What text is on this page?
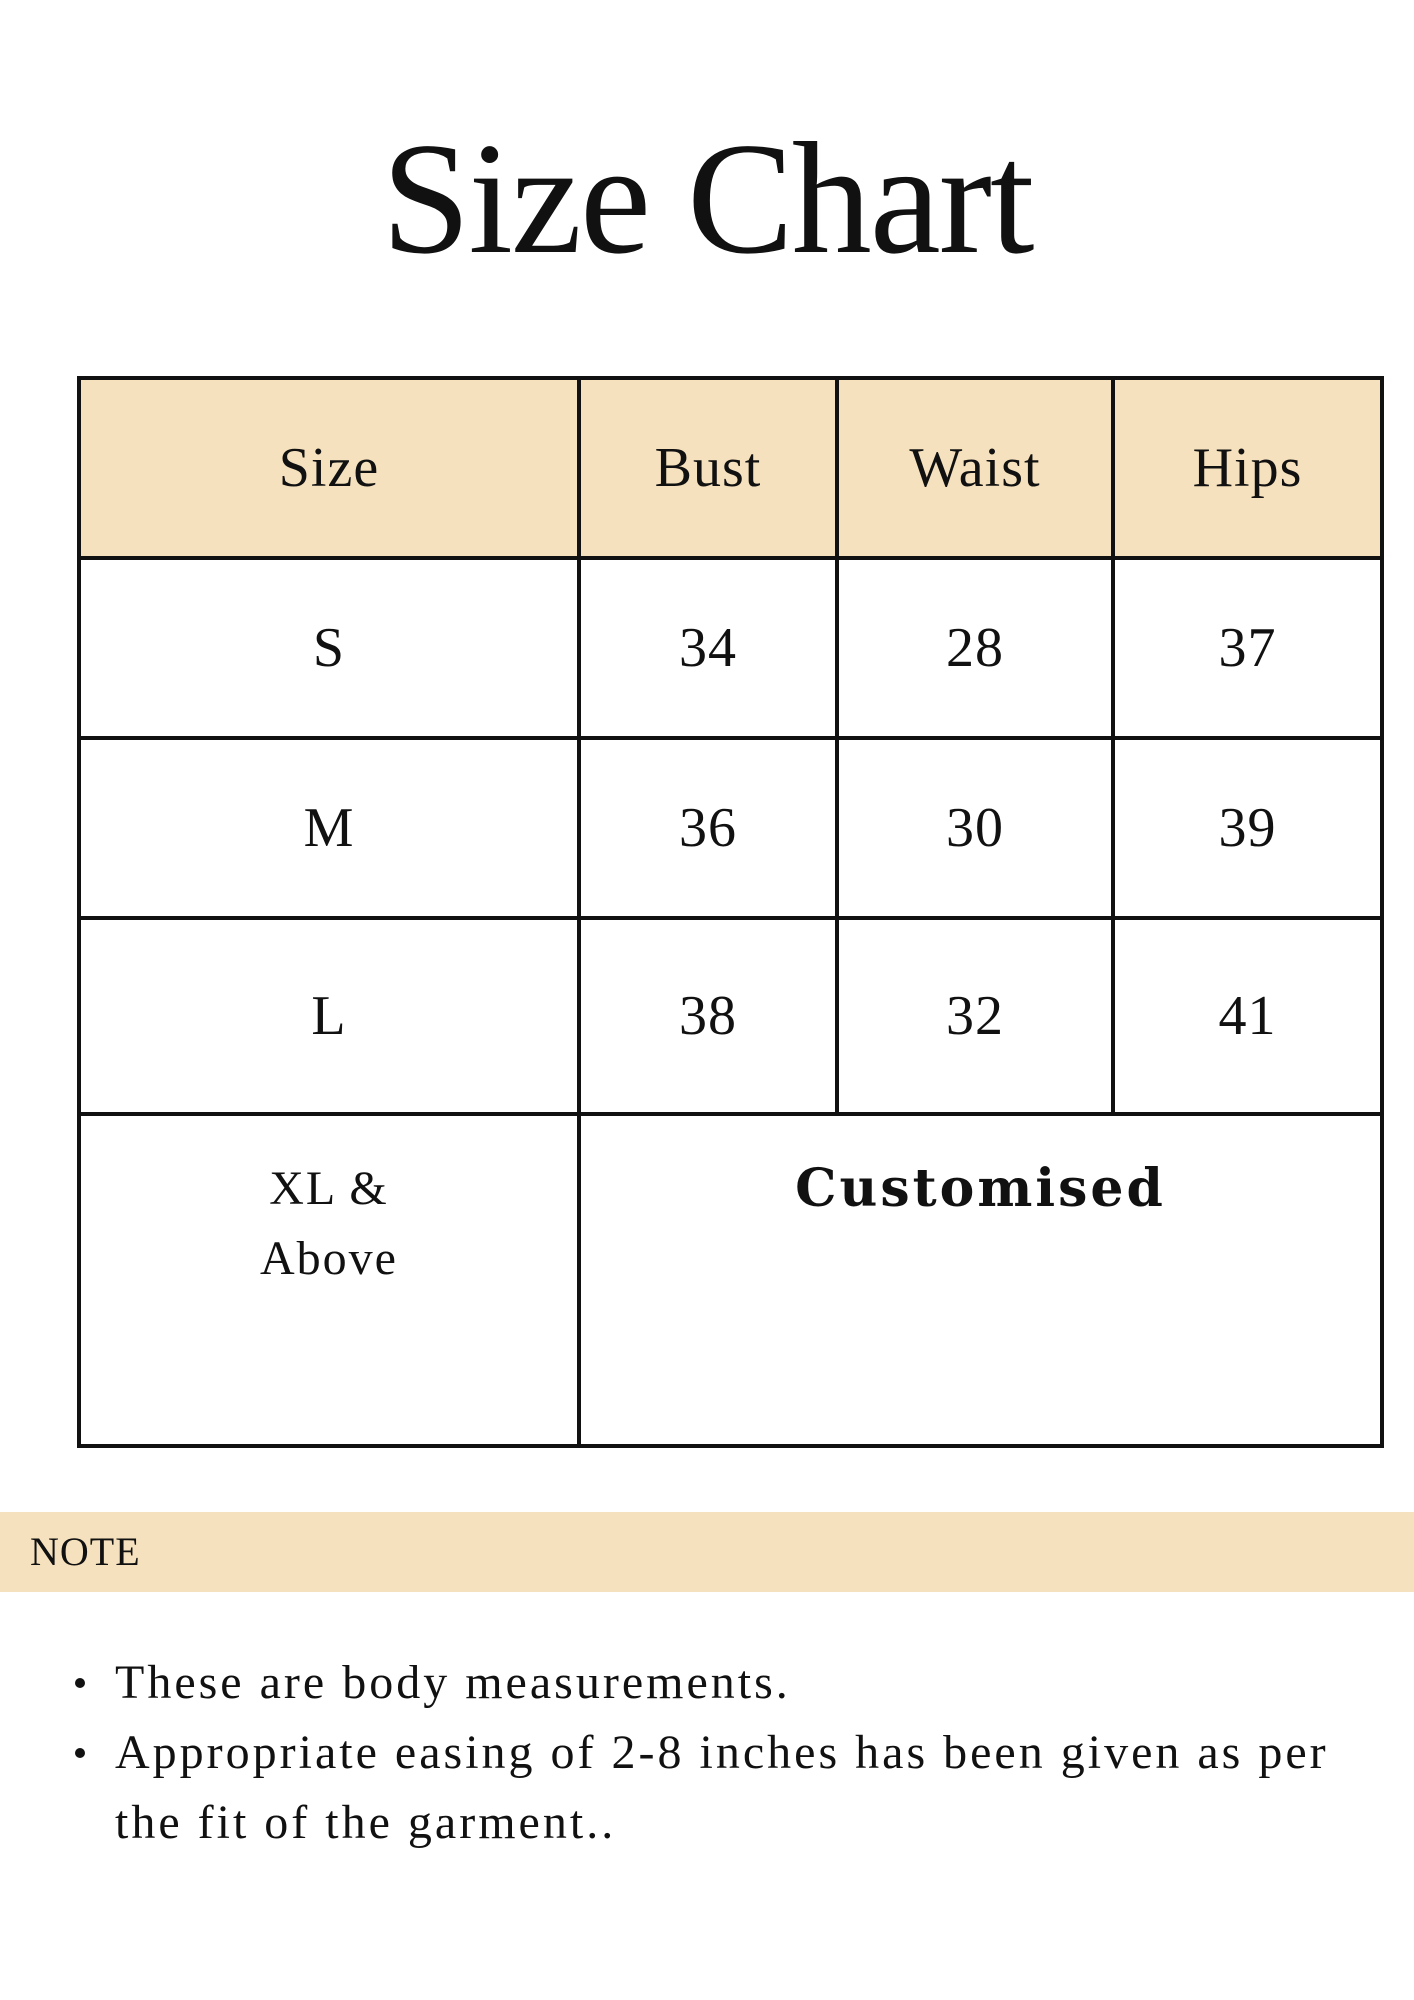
Size Chart
Size	Bust	Waist	Hips
S	34	28	37
M	36	30	39
L	38	32	41

XL &
Above	Customised		
NOTE
These are body measurements.
Appropriate easing of 2-8 inches has been given as per the fit of the garment..
